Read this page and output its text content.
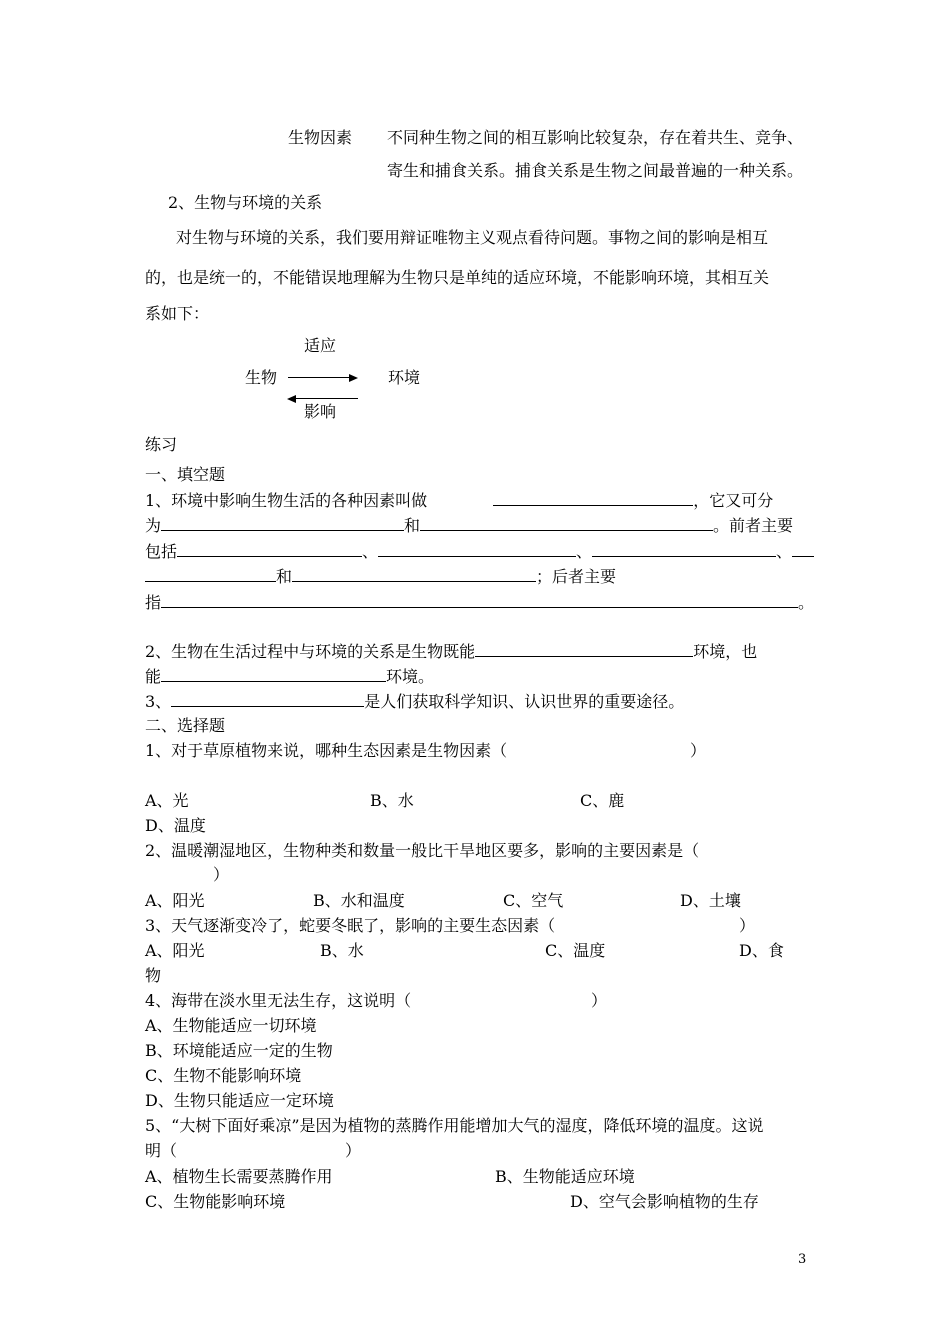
生物因素 不同种生物之间的相互影响比较复杂，存在着共生、竞争、
寄生和捕食关系。捕食关系是生物之间最普遍的一种关系。
2、生物与环境的关系
对生物与环境的关系，我们要用辩证唯物主义观点看待问题。事物之间的影响是相互
的，也是统一的，不能错误地理解为生物只是单纯的适应环境，不能影响环境，其相互关
系如下：
适应
生物	环境
影响
练习
一、填空题
1、环境中影响生物生活的各种因素叫做	，它又可分
为	和	。前者主要
包括	、	、	、
和	；后者主要
指	。
2、生物在生活过程中与环境的关系是生物既能	环境，也
能	环境。
3、	是人们获取科学知识、认识世界的重要途径。
二、选择题
1、对于草原植物来说，哪种生态因素是生物因素（	）
A、光	B、水	C、鹿
D、温度
2、温暖潮湿地区，生物种类和数量一般比干旱地区要多，影响的主要因素是（
）
A、阳光	B、水和温度	C、空气	D、土壤
3、天气逐渐变冷了，蛇要冬眠了，影响的主要生态因素（	）
A、阳光	B、水	C、温度	D、食
物
4、海带在淡水里无法生存，这说明（	）
A、生物能适应一切环境
B、环境能适应一定的生物
C、生物不能影响环境
D、生物只能适应一定环境
5、“大树下面好乘凉”是因为植物的蒸腾作用能增加大气的湿度，降低环境的温度。这说
明（	）
A、植物生长需要蒸腾作用	B、生物能适应环境
C、生物能影响环境	D、空气会影响植物的生存
3
